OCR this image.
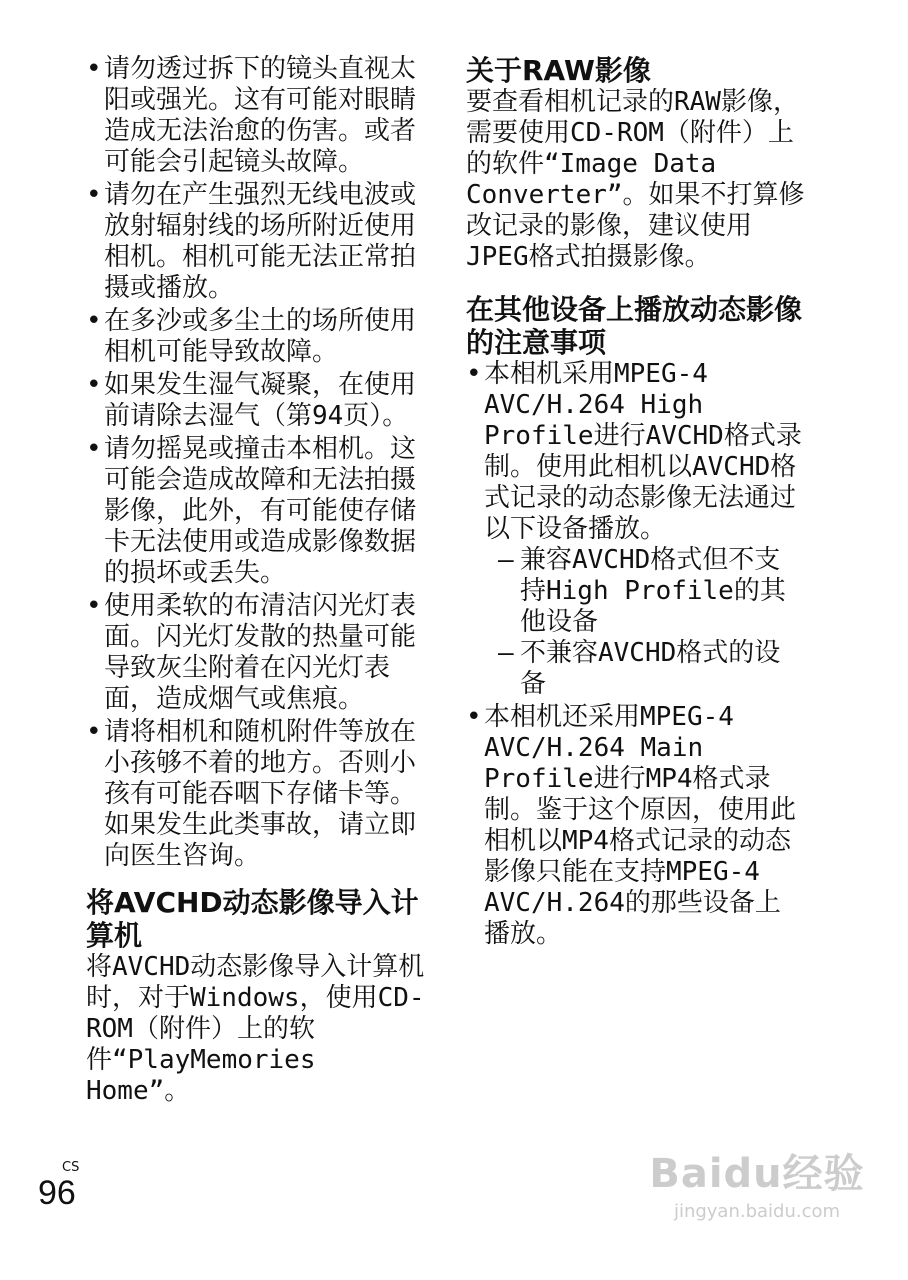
• 请勿透过拆下的镜头直视太阳或强光。这有可能对眼睛造成无法治愈的伤害。或者可能会引起镜头故障。
• 请勿在产生强烈无线电波或放射辐射线的场所附近使用相机。相机可能无法正常拍摄或播放。
• 在多沙或多尘土的场所使用相机可能导致故障。
• 如果发生湿气凝聚，在使用前请除去湿气（第94页）。
• 请勿摇晃或撞击本相机。这可能会造成故障和无法拍摄影像，此外，有可能使存储卡无法使用或造成影像数据的损坏或丢失。
• 使用柔软的布清洁闪光灯表面。闪光灯发散的热量可能导致灰尘附着在闪光灯表面，造成烟气或焦痕。
• 请将相机和随机附件等放在小孩够不着的地方。否则小孩有可能吞咽下存储卡等。如果发生此类事故，请立即向医生咨询。
将AVCHD动态影像导入计算机

将AVCHD动态影像导入计算机时，对于Windows，使用CD-ROM（附件）上的软件“PlayMemories Home”。

关于RAW影像

要查看相机记录的RAW影像，需要使用CD-ROM（附件）上的软件“Image Data Converter”。如果不打算修改记录的影像，建议使用JPEG格式拍摄影像。

在其他设备上播放动态影像的注意事项
• 本相机采用MPEG-4 AVC/H.264 High Profile进行AVCHD格式录制。使用此相机以AVCHD格式记录的动态影像无法通过以下设备播放。
– 兼容AVCHD格式但不支持High Profile的其他设备
– 不兼容AVCHD格式的设备
• 本相机还采用MPEG-4 AVC/H.264 Main Profile进行MP4格式录制。鉴于这个原因，使用此相机以MP4格式记录的动态影像只能在支持MPEG-4 AVC/H.264的那些设备上播放。
CS
96	Baidu经验
jingyan.baidu.com
